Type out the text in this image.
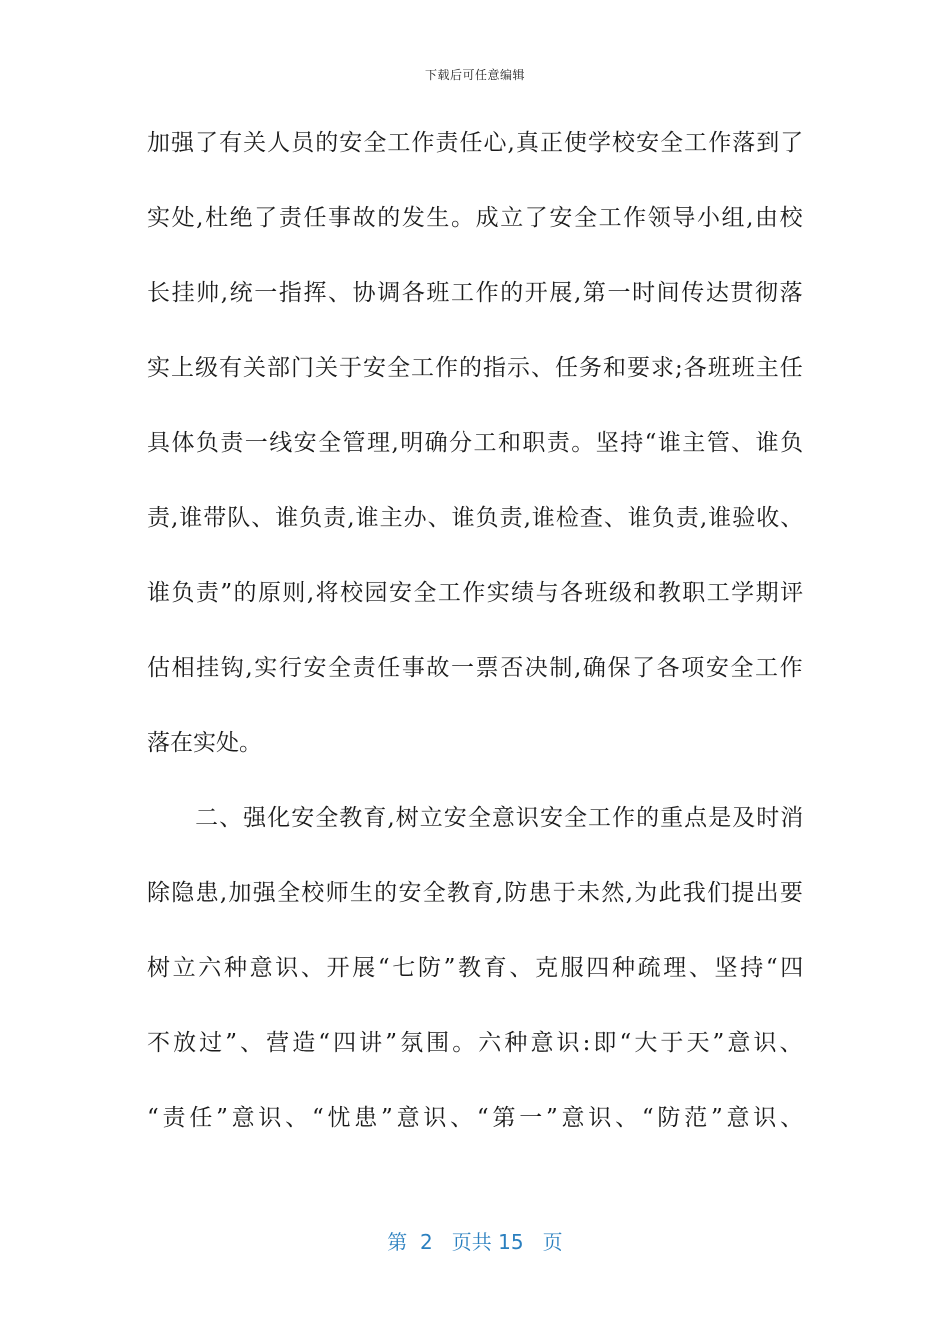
下载后可任意编辑
加强了有关人员的安全工作责任心,真正使学校安全工作落到了
实处,杜绝了责任事故的发生。成立了安全工作领导小组,由校
长挂帅,统一指挥、协调各班工作的开展,第一时间传达贯彻落
实上级有关部门关于安全工作的指示、任务和要求;各班班主任
具体负责一线安全管理,明确分工和职责。坚持“谁主管、谁负
责,谁带队、谁负责,谁主办、谁负责,谁检查、谁负责,谁验收、
谁负责”的原则,将校园安全工作实绩与各班级和教职工学期评
估相挂钩,实行安全责任事故一票否决制,确保了各项安全工作
落在实处。
　　二、强化安全教育,树立安全意识安全工作的重点是及时消
除隐患,加强全校师生的安全教育,防患于未然,为此我们提出要
树立六种意识、开展“七防”教育、克服四种疏理、坚持“四
不放过”、营造“四讲”氛围。六种意识:即“大于天”意识、
“责任”意识、“忧患”意识、“第一”意识、“防范”意识、
第  2   页共 15   页
